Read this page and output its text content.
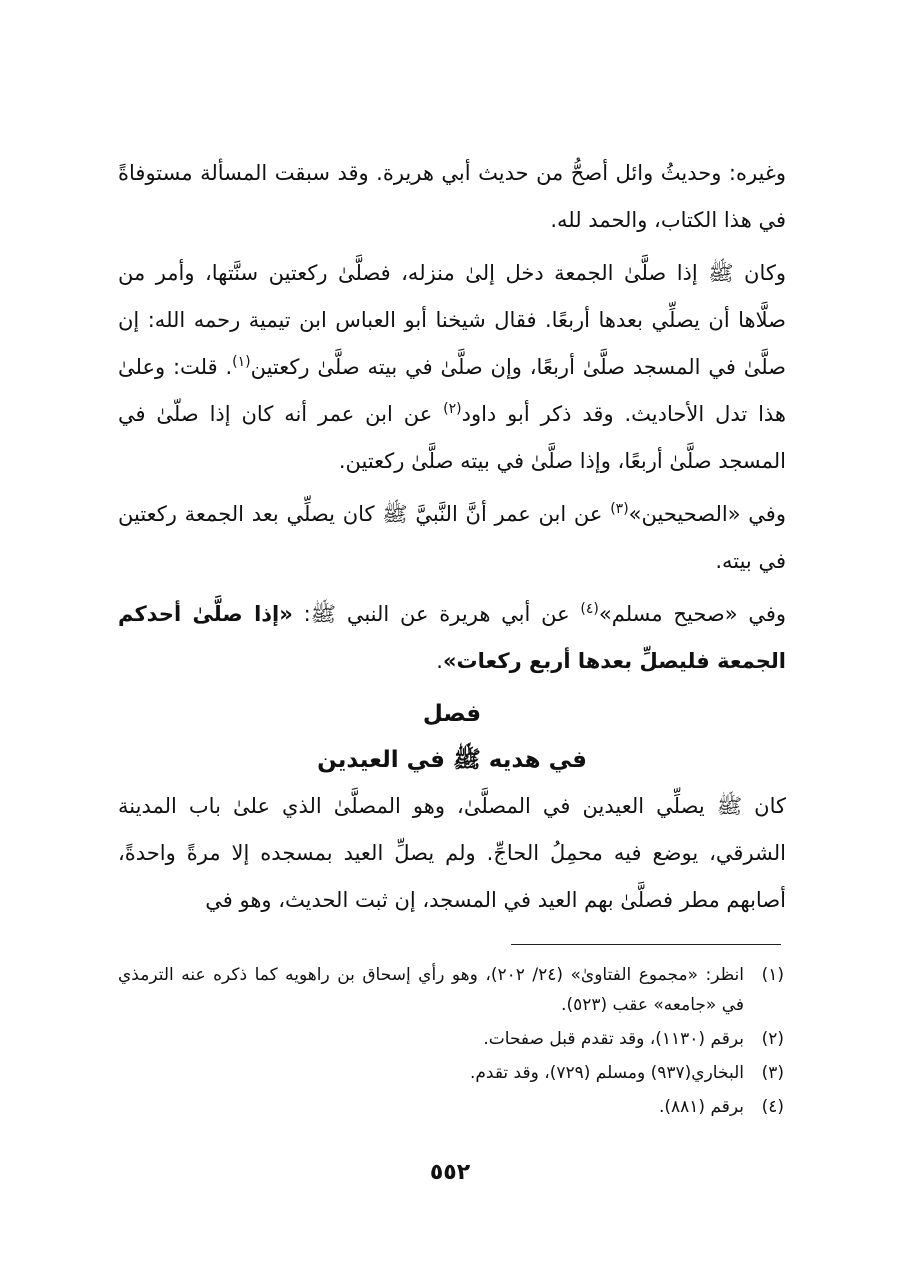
وغيره: وحديثُ وائل أصحُّ من حديث أبي هريرة. وقد سبقت المسألة مستوفاةً في هذا الكتاب، والحمد لله.

وكان ﷺ إذا صلَّىٰ الجمعة دخل إلىٰ منزله، فصلَّىٰ ركعتين سنَّتها، وأمر من صلَّاها أن يصلِّي بعدها أربعًا. فقال شيخنا أبو العباس ابن تيمية رحمه الله: إن صلَّىٰ في المسجد صلَّىٰ أربعًا، وإن صلَّىٰ في بيته صلَّىٰ ركعتين$^{(١)}$. قلت: وعلىٰ هذا تدل الأحاديث. وقد ذكر أبو داود$^{(٢)}$ عن ابن عمر أنه كان إذا صلّىٰ في المسجد صلَّىٰ أربعًا، وإذا صلَّىٰ في بيته صلَّىٰ ركعتين.

وفي «الصحيحين»$^{(٣)}$ عن ابن عمر أنَّ النَّبيَّ ﷺ كان يصلِّي بعد الجمعة ركعتين في بيته.

وفي «صحيح مسلم»$^{(٤)}$ عن أبي هريرة عن النبي ﷺ: «إذا صلَّىٰ أحدكم الجمعة فليصلِّ بعدها أربع ركعات».

فصل
في هديه ﷺ في العيدين

كان ﷺ يصلِّي العيدين في المصلَّىٰ، وهو المصلَّىٰ الذي علىٰ باب المدينة الشرقي، يوضع فيه محمِلُ الحاجِّ. ولم يصلِّ العيد بمسجده إلا مرةً واحدةً، أصابهم مطر فصلَّىٰ بهم العيد في المسجد، إن ثبت الحديث، وهو في

(١)
انظر: «مجموع الفتاوىٰ» (٢٤/ ٢٠٢)، وهو رأي إسحاق بن راهويه كما ذكره عنه الترمذي في «جامعه» عقب (٥٢٣).
(٢)
برقم (١١٣٠)، وقد تقدم قبل صفحات.
(٣)
البخاري(٩٣٧) ومسلم (٧٢٩)، وقد تقدم.
(٤)
برقم (٨٨١).
٥٥٢
